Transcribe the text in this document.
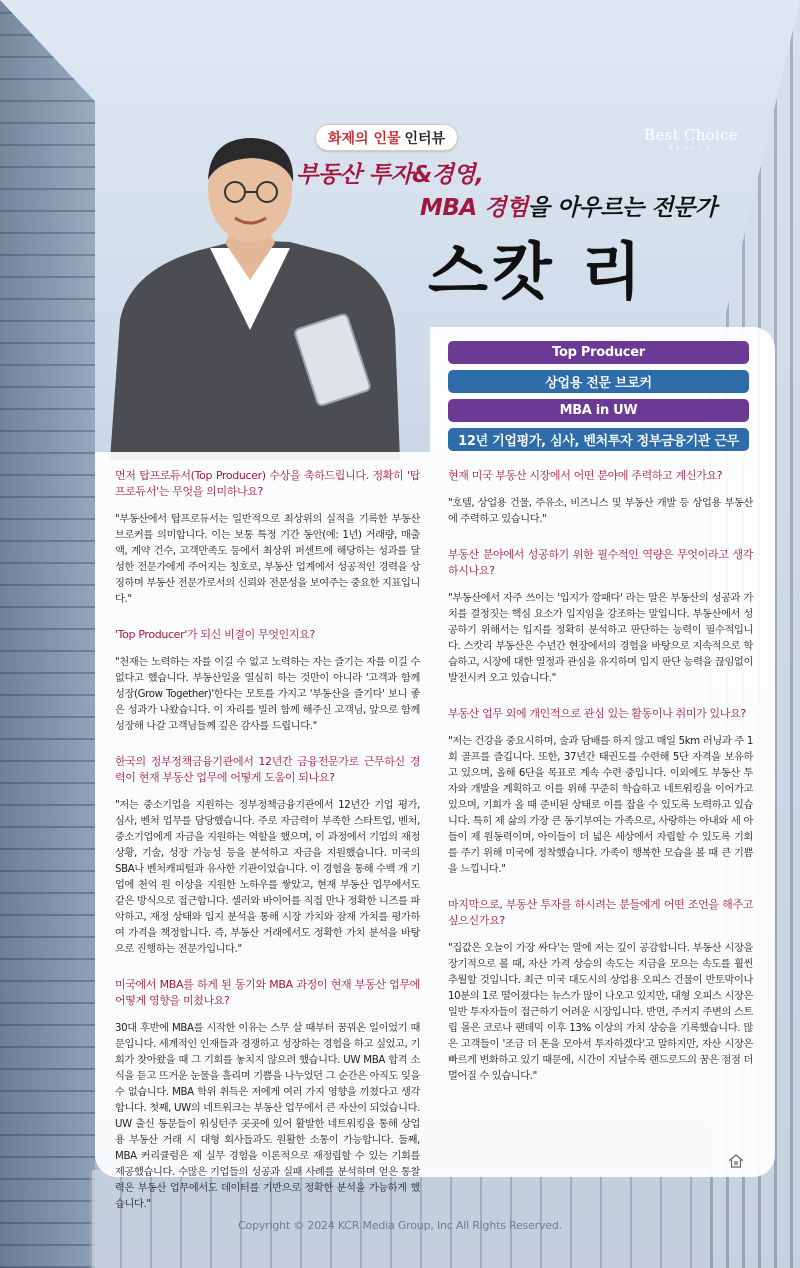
Best Choice
REALTY
화제의 인물 인터뷰
부동산 투자&경영,
MBA 경험을 아우르는 전문가
스캇 리
Top Producer
상업용 전문 브로커
MBA in UW
12년 기업평가, 심사, 벤처투자 정부금융기관 근무
먼저 탑프로듀서(Top Producer) 수상을 축하드립니다. 정확히 '탑프로듀서'는 무엇을 의미하나요?
"부동산에서 탑프로듀서는 일반적으로 최상위의 실적을 기록한 부동산 브로커를 의미합니다. 이는 보통 특정 기간 동안(예: 1년) 거래량, 매출액, 계약 건수, 고객만족도 등에서 최상위 퍼센트에 해당하는 성과를 달성한 전문가에게 주어지는 칭호로, 부동산 업계에서 성공적인 경력을 상징하며 부동산 전문가로서의 신뢰와 전문성을 보여주는 중요한 지표입니다."
'Top Producer'가 되신 비결이 무엇인지요?
"천재는 노력하는 자를 이길 수 없고 노력하는 자는 즐기는 자를 이길 수 없다고 했습니다. 부동산일을 열심히 하는 것만이 아니라 '고객과 함께 성장(Grow Together)'한다는 모토를 가지고 '부동산을 즐기다' 보니 좋은 성과가 나왔습니다. 이 자리를 빌려 함께 해주신 고객님, 앞으로 함께 성장해 나갈 고객님들께 깊은 감사를 드립니다."
한국의 정부정책금융기관에서 12년간 금융전문가로 근무하신 경력이 현재 부동산 업무에 어떻게 도움이 되나요?
"저는 중소기업을 지원하는 정부정책금융기관에서 12년간 기업 평가, 심사, 벤처 업무를 담당했습니다. 주로 자금력이 부족한 스타트업, 벤처, 중소기업에게 자금을 지원하는 역할을 했으며, 이 과정에서 기업의 재정상황, 기술, 성장 가능성 등을 분석하고 자금을 지원했습니다. 미국의 SBA나 벤처캐피털과 유사한 기관이었습니다. 이 경험을 통해 수백 개 기업에 천억 원 이상을 지원한 노하우를 쌓았고, 현재 부동산 업무에서도 같은 방식으로 접근합니다. 셀러와 바이어를 직접 만나 정확한 니즈를 파악하고, 재정 상태와 입지 분석을 통해 시장 가치와 잠재 가치를 평가하여 가격을 책정합니다. 즉, 부동산 거래에서도 정확한 가치 분석을 바탕으로 진행하는 전문가입니다."
미국에서 MBA를 하게 된 동기와 MBA 과정이 현재 부동산 업무에 어떻게 영향을 미쳤나요?
30대 후반에 MBA를 시작한 이유는 스무 살 때부터 꿈꿔온 일이었기 때문입니다. 세계적인 인재들과 경쟁하고 성장하는 경험을 하고 싶었고, 기회가 찾아왔을 때 그 기회를 놓치지 않으려 했습니다. UW MBA 합격 소식을 듣고 뜨거운 눈물을 흘리며 기쁨을 나누었던 그 순간은 아직도 잊을 수 없습니다. MBA 학위 취득은 저에게 여러 가지 영향을 끼쳤다고 생각합니다. 첫째, UW의 네트워크는 부동산 업무에서 큰 자산이 되었습니다. UW 출신 동문들이 워싱턴주 곳곳에 있어 활발한 네트워킹을 통해 상업용 부동산 거래 시 대형 회사들과도 원활한 소통이 가능합니다. 둘째, MBA 커리큘럼은 제 실무 경험을 이론적으로 재정립할 수 있는 기회를 제공했습니다. 수많은 기업들의 성공과 실패 사례를 분석하며 얻은 통찰력은 부동산 업무에서도 데이터를 기반으로 정확한 분석을 가능하게 했습니다."
현재 미국 부동산 시장에서 어떤 분야에 주력하고 계신가요?
"호텔, 상업용 건물, 주유소, 비즈니스 및 부동산 개발 등 상업용 부동산에 주력하고 있습니다."
부동산 분야에서 성공하기 위한 필수적인 역량은 무엇이라고 생각하시나요?
"부동산에서 자주 쓰이는 '입지가 깡패다' 라는 말은 부동산의 성공과 가치를 결정짓는 핵심 요소가 입지임을 강조하는 말입니다. 부동산에서 성공하기 위해서는 입지를 정확히 분석하고 판단하는 능력이 필수적입니다. 스캇리 부동산은 수년간 현장에서의 경험을 바탕으로 지속적으로 학습하고, 시장에 대한 열정과 관심을 유지하며 입지 판단 능력을 끊임없이 발전시켜 오고 있습니다."
부동산 업무 외에 개인적으로 관심 있는 활동이나 취미가 있나요?
"저는 건강을 중요시하며, 술과 담배를 하지 않고 매일 5km 러닝과 주 1회 골프를 즐깁니다. 또한, 37년간 태권도를 수련해 5단 자격을 보유하고 있으며, 올해 6단을 목표로 계속 수련 중입니다. 이외에도 부동산 투자와 개발을 계획하고 이를 위해 꾸준히 학습하고 네트워킹을 이어가고 있으며, 기회가 올 때 준비된 상태로 이를 잡을 수 있도록 노력하고 있습니다. 특히 제 삶의 가장 큰 동기부여는 가족으로, 사랑하는 아내와 세 아들이 제 원동력이며, 아이들이 더 넓은 세상에서 자립할 수 있도록 기회를 주기 위해 미국에 정착했습니다. 가족이 행복한 모습을 볼 때 큰 기쁨을 느낍니다."
마지막으로, 부동산 투자를 하시려는 분들에게 어떤 조언을 해주고 싶으신가요?
"집값은 오늘이 가장 싸다'는 말에 저는 깊이 공감합니다. 부동산 시장을 장기적으로 볼 때, 자산 가격 상승의 속도는 지금을 모으는 속도를 훨씬 추월할 것입니다. 최근 미국 대도시의 상업용 오피스 건물이 반토막이나 10분의 1로 떨어졌다는 뉴스가 많이 나오고 있지만, 대형 오피스 시장은 일반 투자자들이 접근하기 어려운 시장입니다. 반면, 주거지 주변의 스트립 몰은 코로나 팬데믹 이후 13% 이상의 가치 상승을 기록했습니다. 많은 고객들이 '조금 더 돈을 모아서 투자하겠다'고 말하지만, 자산 시장은 빠르게 변화하고 있기 때문에, 시간이 지날수록 랜드로드의 꿈은 점점 더 멀어질 수 있습니다."
Copyright © 2024 KCR Media Group, Inc All Rights Reserved.
